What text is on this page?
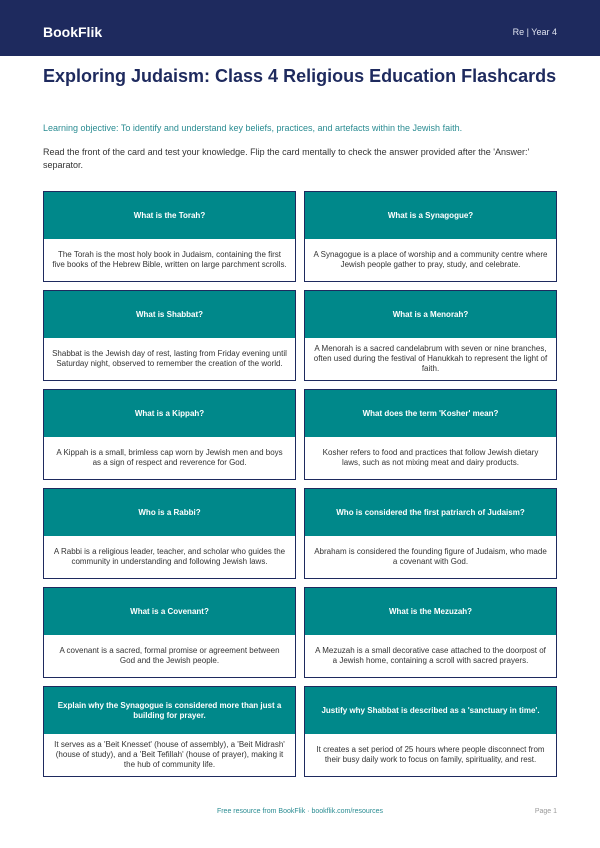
BookFlik	Re | Year 4
Exploring Judaism: Class 4 Religious Education Flashcards
Learning objective: To identify and understand key beliefs, practices, and artefacts within the Jewish faith.
Read the front of the card and test your knowledge. Flip the card mentally to check the answer provided after the 'Answer:' separator.
What is the Torah?
The Torah is the most holy book in Judaism, containing the first five books of the Hebrew Bible, written on large parchment scrolls.
What is a Synagogue?
A Synagogue is a place of worship and a community centre where Jewish people gather to pray, study, and celebrate.
What is Shabbat?
Shabbat is the Jewish day of rest, lasting from Friday evening until Saturday night, observed to remember the creation of the world.
What is a Menorah?
A Menorah is a sacred candelabrum with seven or nine branches, often used during the festival of Hanukkah to represent the light of faith.
What is a Kippah?
A Kippah is a small, brimless cap worn by Jewish men and boys as a sign of respect and reverence for God.
What does the term 'Kosher' mean?
Kosher refers to food and practices that follow Jewish dietary laws, such as not mixing meat and dairy products.
Who is a Rabbi?
A Rabbi is a religious leader, teacher, and scholar who guides the community in understanding and following Jewish laws.
Who is considered the first patriarch of Judaism?
Abraham is considered the founding figure of Judaism, who made a covenant with God.
What is a Covenant?
A covenant is a sacred, formal promise or agreement between God and the Jewish people.
What is the Mezuzah?
A Mezuzah is a small decorative case attached to the doorpost of a Jewish home, containing a scroll with sacred prayers.
Explain why the Synagogue is considered more than just a building for prayer.
It serves as a 'Beit Knesset' (house of assembly), a 'Beit Midrash' (house of study), and a 'Beit Tefillah' (house of prayer), making it the hub of community life.
Justify why Shabbat is described as a 'sanctuary in time'.
It creates a set period of 25 hours where people disconnect from their busy daily work to focus on family, spirituality, and rest.
Free resource from BookFlik · bookflik.com/resources	Page 1
